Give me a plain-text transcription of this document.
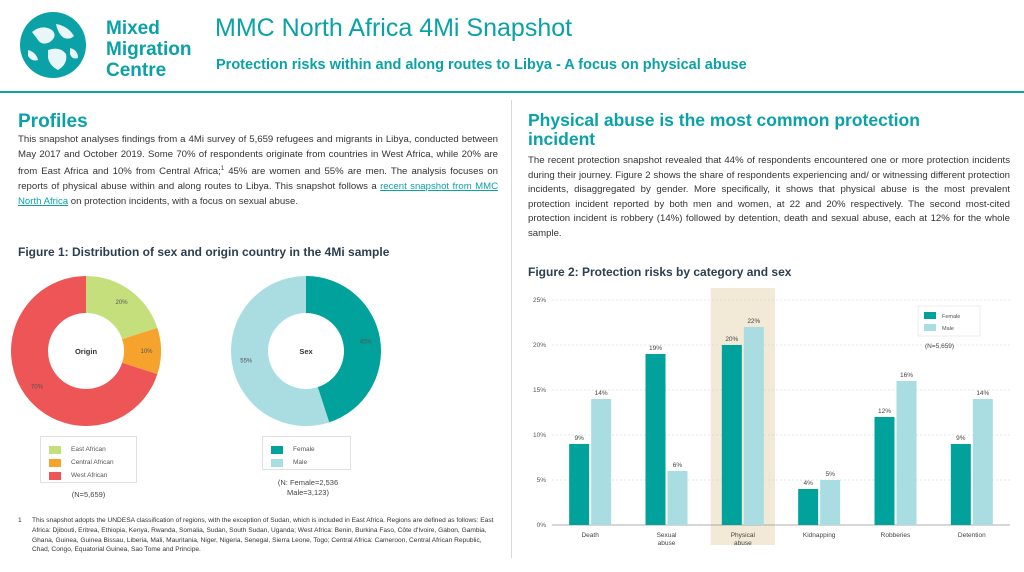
Mixed
Migration
Centre
MMC North Africa 4Mi Snapshot
Protection risks within and along routes to Libya - A focus on physical abuse
Profiles
This snapshot analyses findings from a 4Mi survey of 5,659 refugees and migrants in Libya, conducted between May 2017 and October 2019. Some 70% of respondents originate from countries in West Africa, while 20% are from East Africa and 10% from Central Africa;$^1$ 45% are women and 55% are men. The analysis focuses on reports of physical abuse within and along routes to Libya. This snapshot follows a recent snapshot from MMC North Africa on protection incidents, with a focus on sexual abuse.
Figure 1: Distribution of sex and origin country in the 4Mi sample
20%
10%
70%
Origin
45%
55%
Sex
East African
Central African
West African
(N=5,659)
Female
Male
(N: Female=2,536
Male=3,123)
1	This snapshot adopts the UNDESA classification of regions, with the exception of Sudan, which is included in East Africa. Regions are defined as follows: East Africa: Djibouti, Eritrea, Ethiopia, Kenya, Rwanda, Somalia, Sudan, South Sudan, Uganda; West Africa: Benin, Burkina Faso, Côte d'Ivoire, Gabon, Gambia, Ghana, Guinea, Guinea Bissau, Liberia, Mali, Mauritania, Niger, Nigeria, Senegal, Sierra Leone, Togo; Central Africa: Cameroon, Central African Republic, Chad, Congo, Equatorial Guinea, Sao Tome and Principe.
Physical abuse is the most common protection
incident
The recent protection snapshot revealed that 44% of respondents encountered one or more protection incidents during their journey. Figure 2 shows the share of respondents experiencing and/ or witnessing different protection incidents, disaggregated by gender. More specifically, it shows that physical abuse is the most prevalent protection incident reported by both men and women, at 22 and 20% respectively. The second most-cited protection incident is robbery (14%) followed by detention, death and sexual abuse, each at 12% for the whole sample.
Figure 2: Protection risks by category and sex
0%
5%
10%
15%
20%
25%
9%
14%
Death
19%
6%
Sexual
abuse
20%
22%
Physical
abuse
4%
5%
Kidnapping
12%
16%
Robberies
9%
14%
Detention
Female
Male
(N=5,659)
